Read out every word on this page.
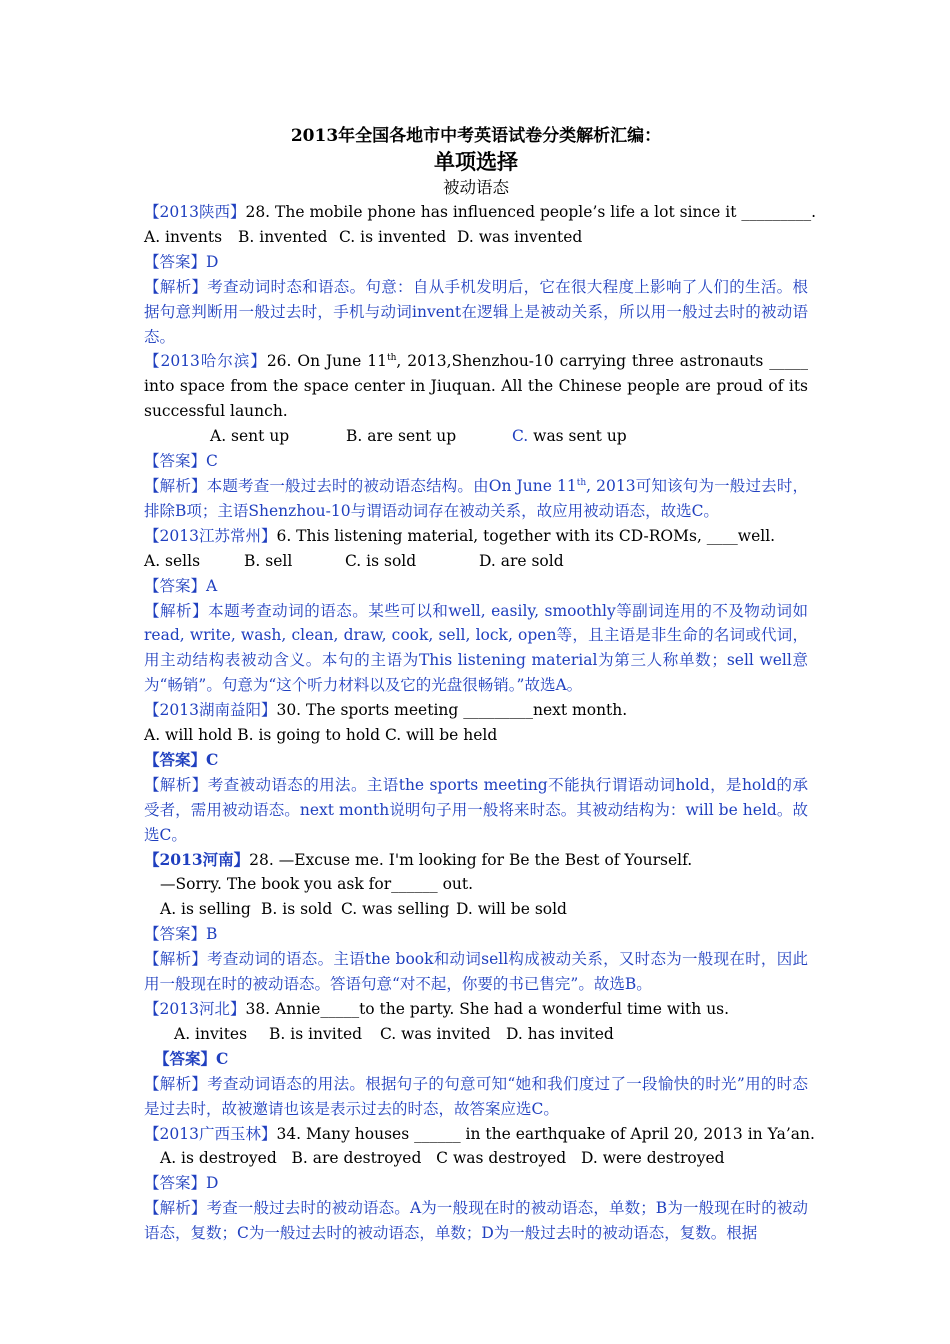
2013年全国各地市中考英语试卷分类解析汇编：
单项选择
被动语态
【2013陕西】28. The mobile phone has influenced people’s life a lot since it _________.
A. invents B. invented C. is invented D. was invented
【答案】D
【解析】考查动词时态和语态。句意：自从手机发明后，它在很大程度上影响了人们的生活。根据句意判断用一般过去时，手机与动词invent在逻辑上是被动关系，所以用一般过去时的被动语态。
【2013哈尔滨】26. On June 11th, 2013,Shenzhou-10 carrying three astronauts _____ into space from the space center in Jiuquan. All the Chinese people are proud of its successful launch.
A. sent up	B. are sent up	C. was sent up
【答案】C
【解析】本题考查一般过去时的被动语态结构。由On June 11th, 2013可知该句为一般过去时，排除B项；主语Shenzhou-10与谓语动词存在被动关系，故应用被动语态，故选C。
【2013江苏常州】6. This listening material, together with its CD-ROMs, ____well.
A. sells	B. sell	C. is sold	D. are sold
【答案】A
【解析】本题考查动词的语态。某些可以和well, easily, smoothly等副词连用的不及物动词如read, write, wash, clean, draw, cook, sell, lock, open等，且主语是非生命的名词或代词，用主动结构表被动含义。本句的主语为This listening material为第三人称单数；sell well意为“畅销”。句意为“这个听力材料以及它的光盘很畅销。”故选A。
【2013湖南益阳】30. The sports meeting _________next month.
A. will hold B. is going to hold C. will be held
【答案】C
【解析】考查被动语态的用法。主语the sports meeting不能执行谓语动词hold，是hold的承受者，需用被动语态。next month说明句子用一般将来时态。其被动结构为：will be held。故选C。
【2013河南】28. —Excuse me. I'm looking for Be the Best of Yourself.
—Sorry. The book you ask for______ out.
A. is selling B. is sold C. was selling D. will be sold
【答案】B
【解析】考查动词的语态。主语the book和动词sell构成被动关系，又时态为一般现在时，因此用一般现在时的被动语态。答语句意“对不起，你要的书已售完”。故选B。
【2013河北】38. Annie_____to the party. She had a wonderful time with us.
A. invites B. is invited C. was invited D. has invited
【答案】C
【解析】考查动词语态的用法。根据句子的句意可知“她和我们度过了一段愉快的时光”用的时态是过去时，故被邀请也该是表示过去的时态，故答案应选C。
【2013广西玉林】34. Many houses ______ in the earthquake of April 20, 2013 in Ya’an.
A. is destroyed   B. are destroyed   C was destroyed   D. were destroyed
【答案】D
【解析】考查一般过去时的被动语态。A为一般现在时的被动语态，单数；B为一般现在时的被动语态，复数；C为一般过去时的被动语态，单数；D为一般过去时的被动语态，复数。根据
